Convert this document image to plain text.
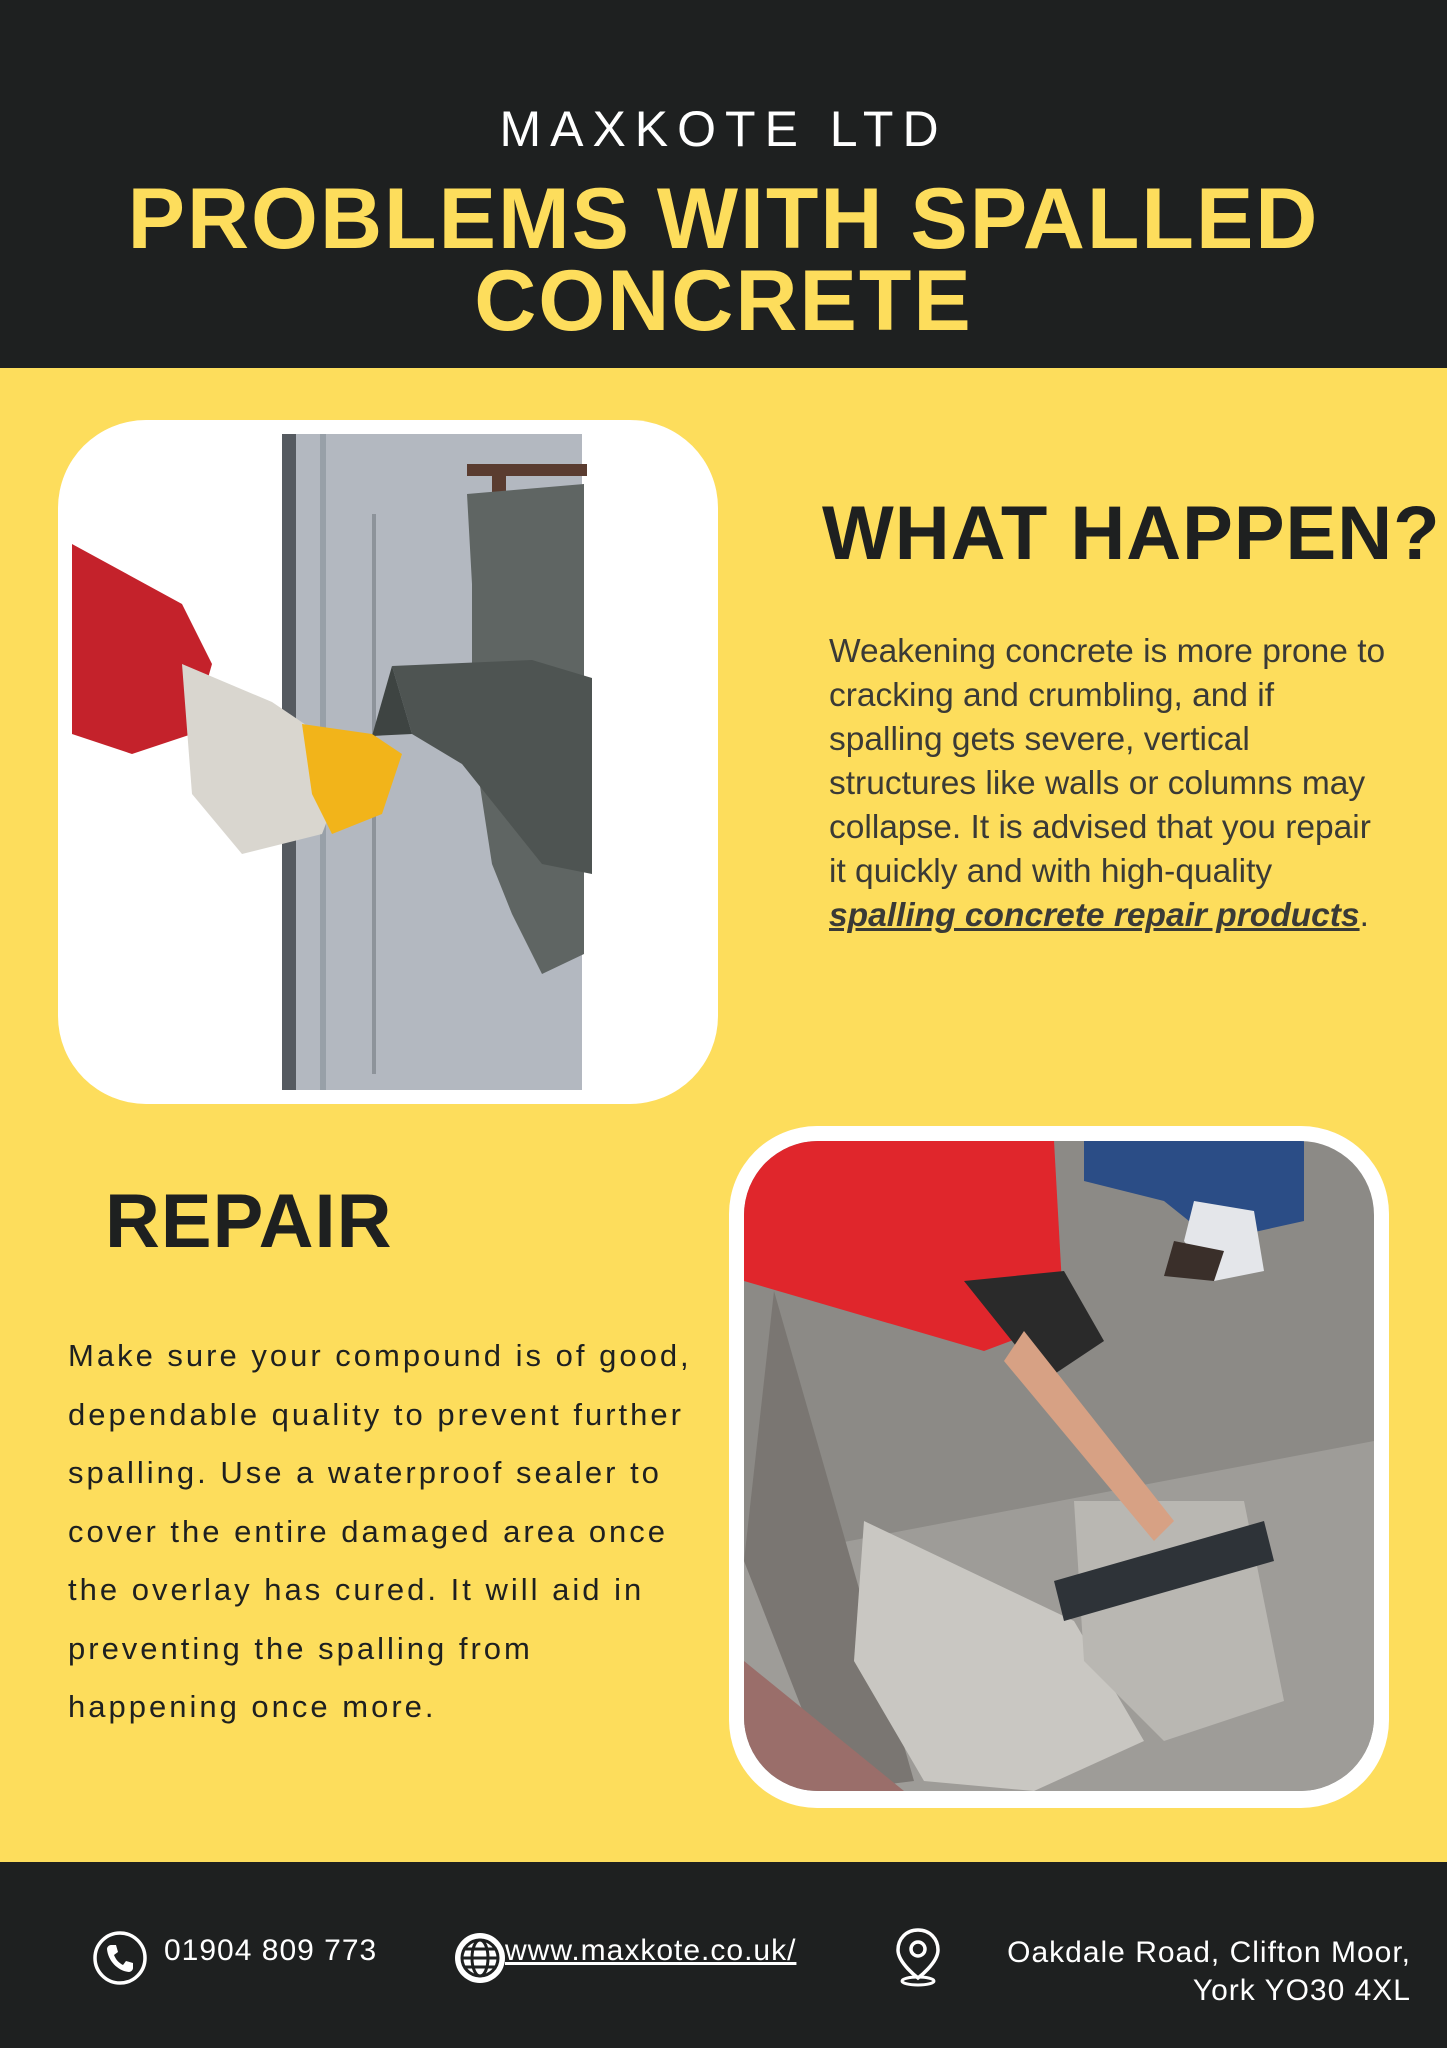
MAXKOTE LTD
PROBLEMS WITH SPALLED
CONCRETE
WHAT HAPPEN?
Weakening concrete is more prone to cracking and crumbling, and if spalling gets severe, vertical structures like walls or columns may collapse. It is advised that you repair it quickly and with high-quality spalling concrete repair products.
REPAIR
Make sure your compound is of good, dependable quality to prevent further spalling. Use a waterproof sealer to cover the entire damaged area once the overlay has cured. It will aid in preventing the spalling from happening once more.
01904 809 773	www.maxkote.co.uk/	Oakdale Road, Clifton Moor,
York YO30 4XL
